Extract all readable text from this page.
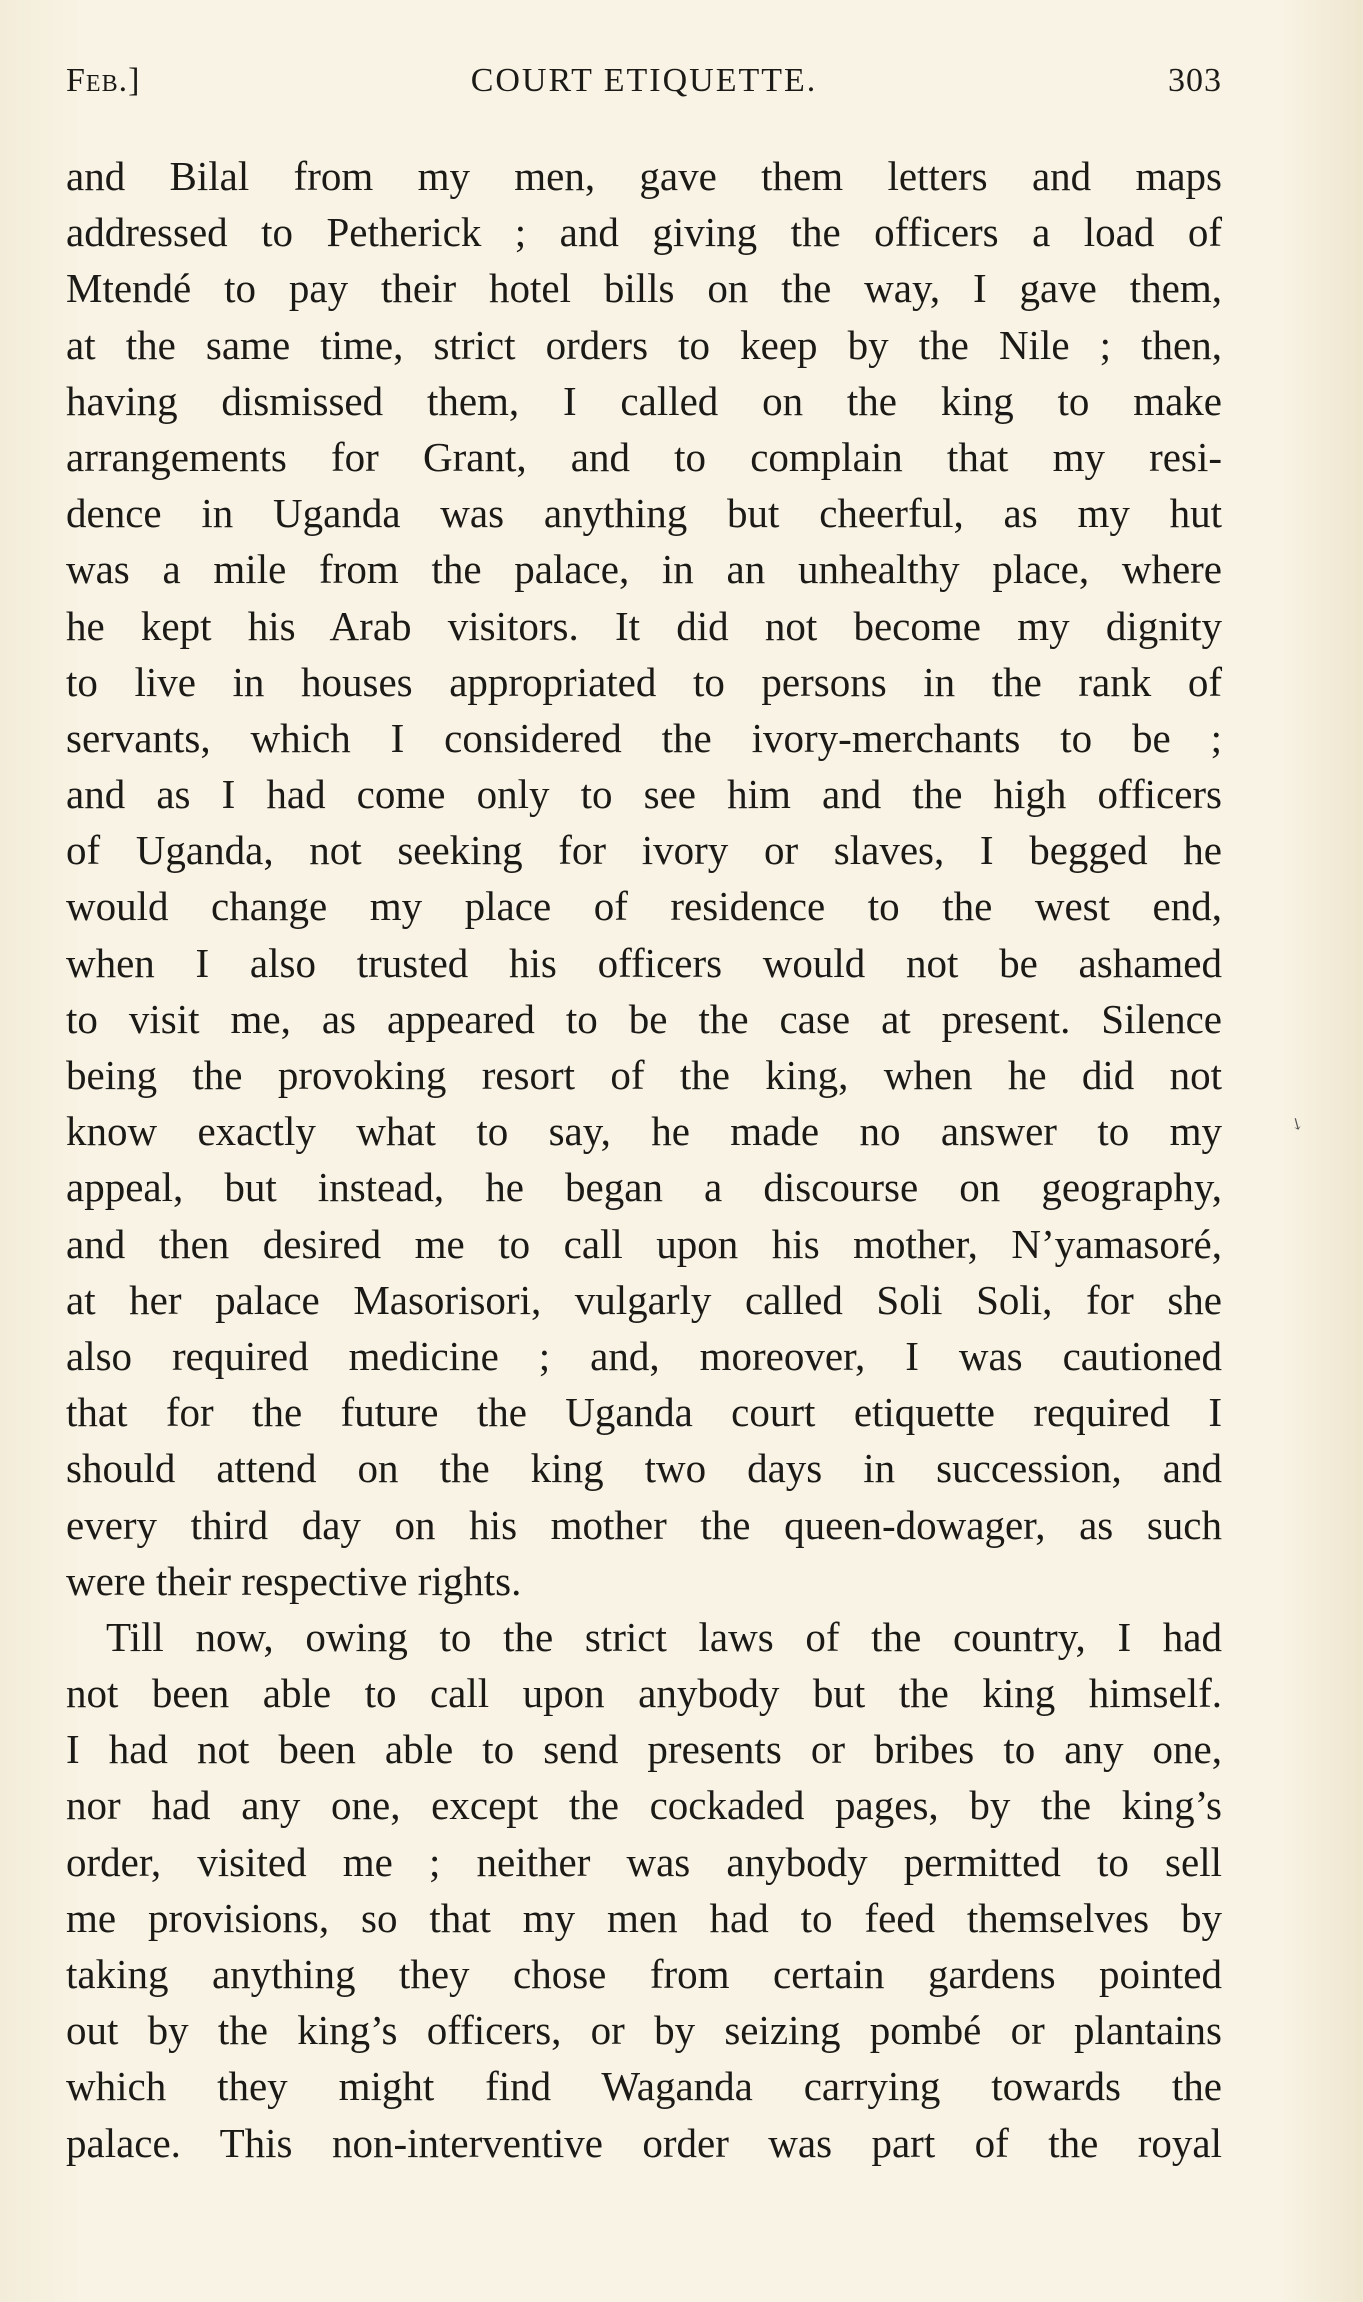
Feb.]	COURT ETIQUETTE.	303
and Bilal from my men, gave them letters and maps
addressed to Petherick ; and giving the officers a load of
Mtendé to pay their hotel bills on the way, I gave them,
at the same time, strict orders to keep by the Nile ; then,
having dismissed them, I called on the king to make
arrangements for Grant, and to complain that my resi-
dence in Uganda was anything but cheerful, as my hut
was a mile from the palace, in an unhealthy place, where
he kept his Arab visitors. It did not become my dignity
to live in houses appropriated to persons in the rank of
servants, which I considered the ivory-merchants to be ;
and as I had come only to see him and the high officers
of Uganda, not seeking for ivory or slaves, I begged he
would change my place of residence to the west end,
when I also trusted his officers would not be ashamed
to visit me, as appeared to be the case at present. Silence
being the provoking resort of the king, when he did not
know exactly what to say, he made no answer to my
appeal, but instead, he began a discourse on geography,
and then desired me to call upon his mother, N’yamasoré,
at her palace Masorisori, vulgarly called Soli Soli, for she
also required medicine ; and, moreover, I was cautioned
that for the future the Uganda court etiquette required I
should attend on the king two days in succession, and
every third day on his mother the queen-dowager, as such
were their respective rights.
Till now, owing to the strict laws of the country, I had
not been able to call upon anybody but the king himself.
I had not been able to send presents or bribes to any one,
nor had any one, except the cockaded pages, by the king’s
order, visited me ; neither was anybody permitted to sell
me provisions, so that my men had to feed themselves by
taking anything they chose from certain gardens pointed
out by the king’s officers, or by seizing pombé or plantains
which they might find Waganda carrying towards the
palace. This non-interventive order was part of the royal
↘
